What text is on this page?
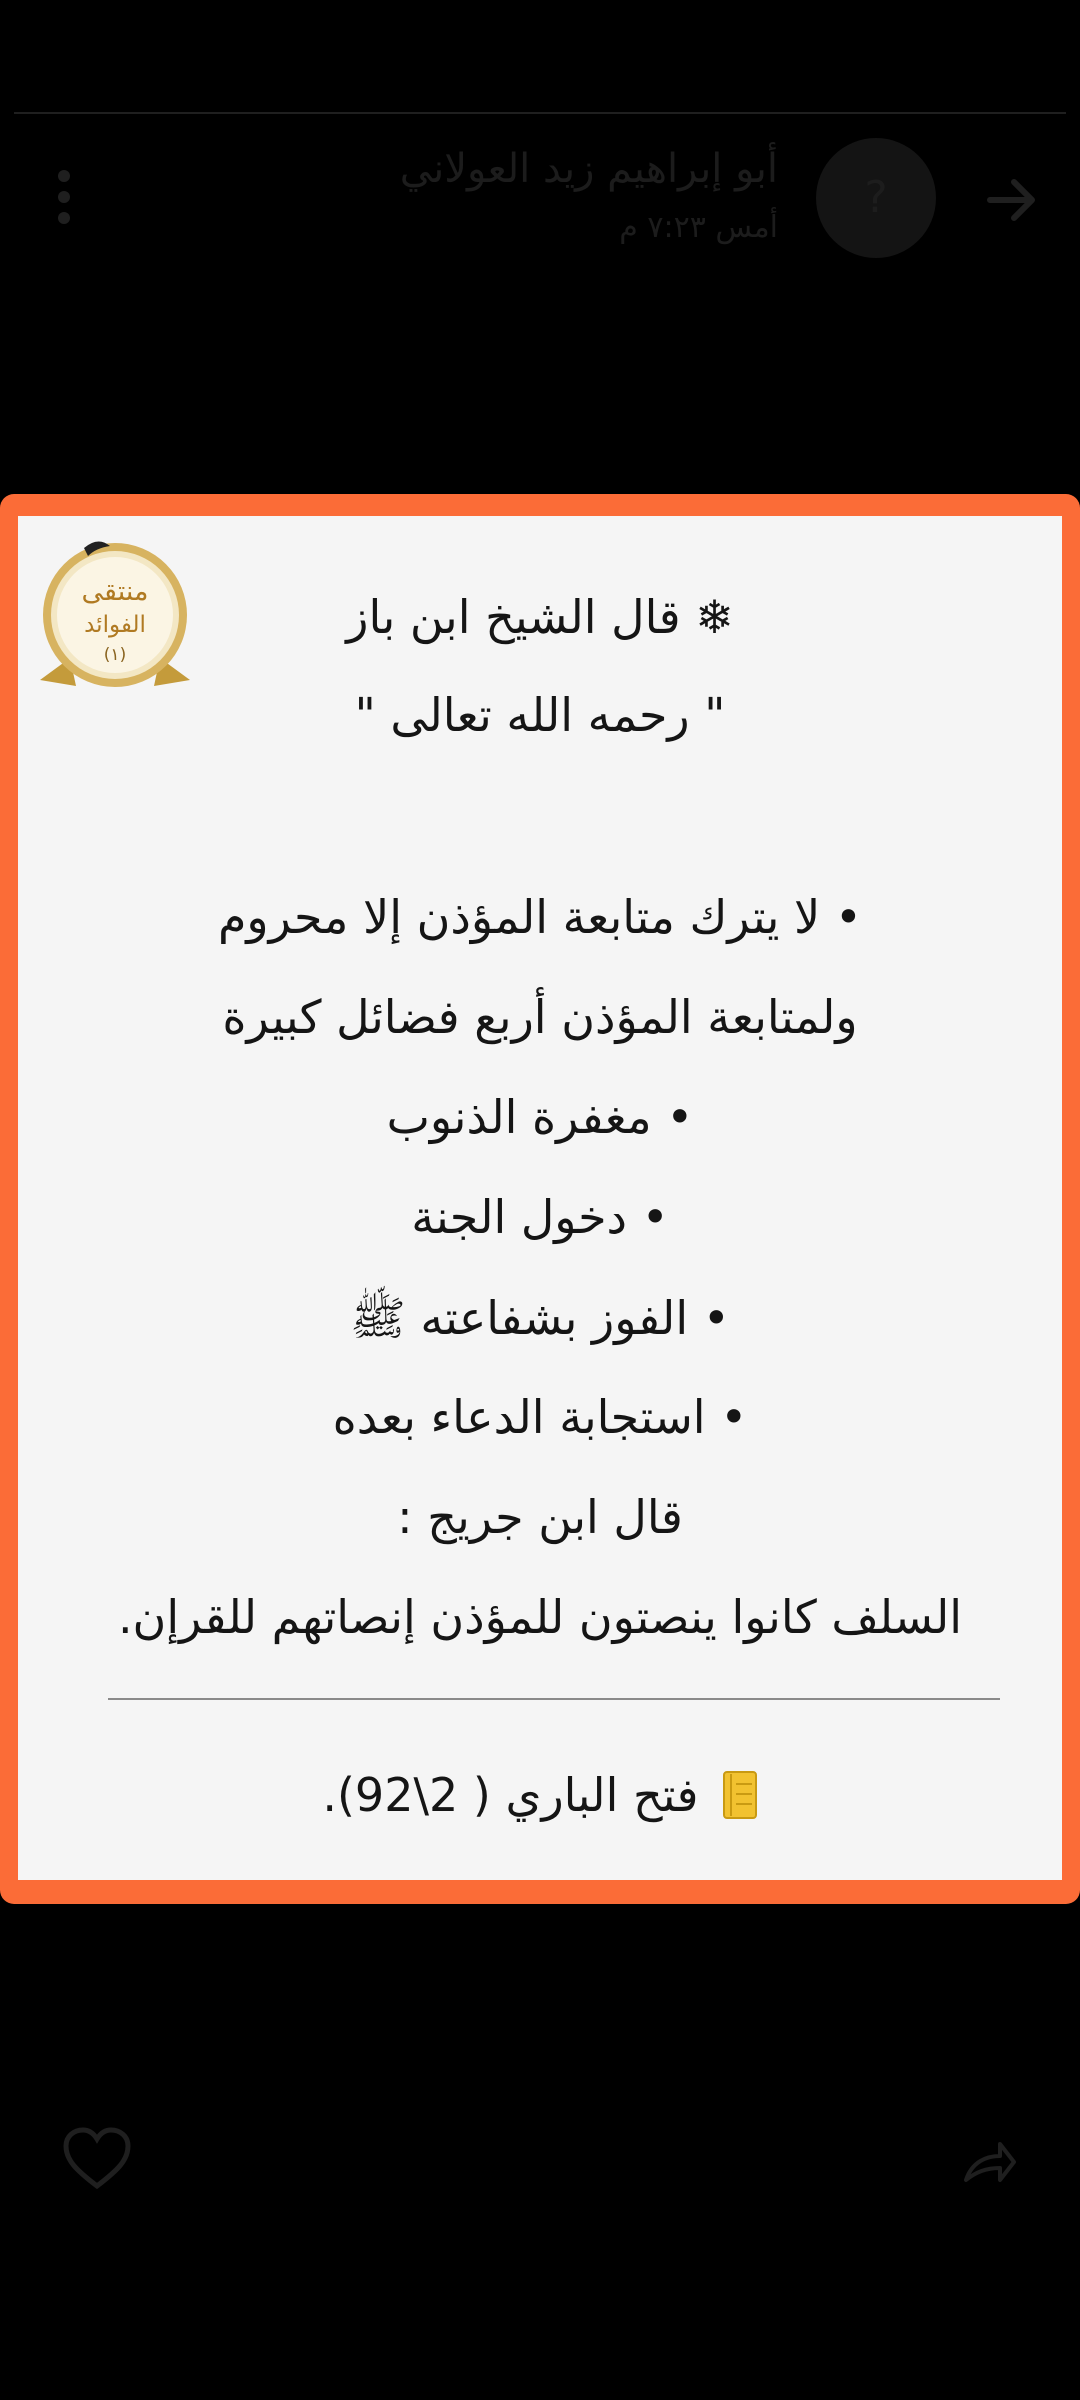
?
أبو إبراهيم زيد العولاني
أمس ٧:٢٣ م
منتقى
الفوائد
(١)
❄ قال الشيخ ابن باز
" رحمه الله تعالى "
• لا يترك متابعة المؤذن إلا محروم
ولمتابعة المؤذن أربع فضائل كبيرة
• مغفرة الذنوب
• دخول الجنة
• الفوز بشفاعته ﷺ
• استجابة الدعاء بعده
قال ابن جريج :
السلف كانوا ينصتون للمؤذن إنصاتهم للقرإن.
فتح الباري ( 2\92).
